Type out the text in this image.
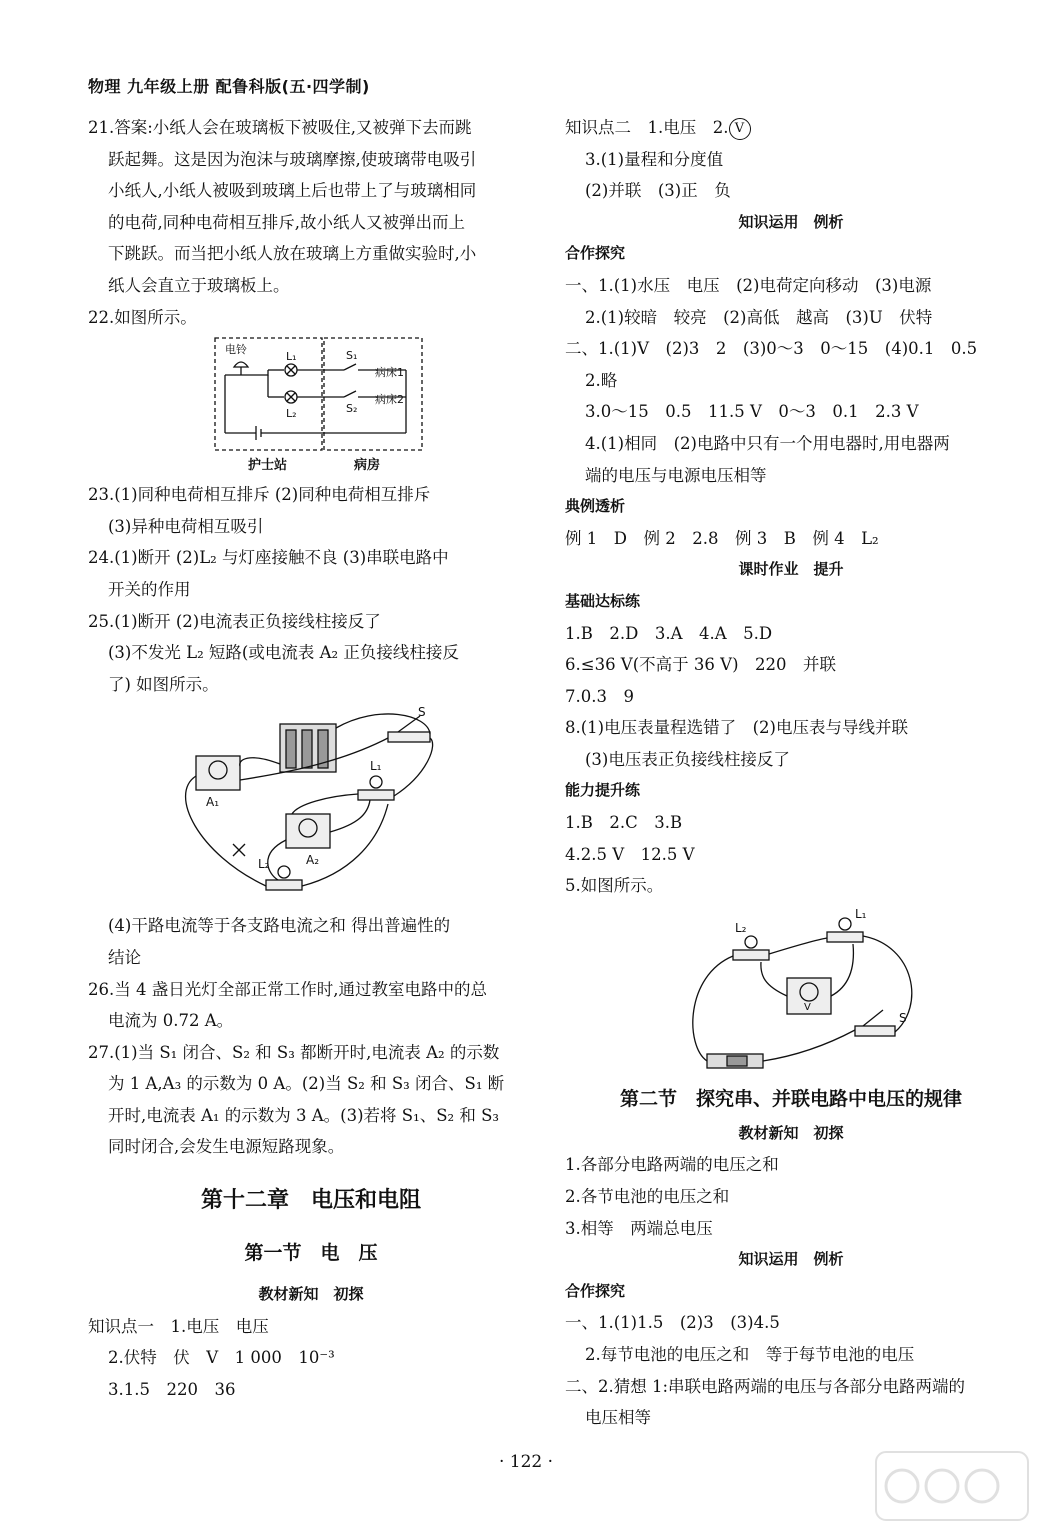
物理 九年级上册 配鲁科版(五·四学制)
21.答案:小纸人会在玻璃板下被吸住,又被弹下去而跳
跃起舞。这是因为泡沫与玻璃摩擦,使玻璃带电吸引
小纸人,小纸人被吸到玻璃上后也带上了与玻璃相同
的电荷,同种电荷相互排斥,故小纸人又被弹出而上
下跳跃。而当把小纸人放在玻璃上方重做实验时,小
纸人会直立于玻璃板上。
22.如图所示。
电铃
L₁
L₂
S₁
S₂
病床1
病床2
护士站	病房
23.(1)同种电荷相互排斥 (2)同种电荷相互排斥
(3)异种电荷相互吸引
24.(1)断开 (2)L₂ 与灯座接触不良 (3)串联电路中
开关的作用
25.(1)断开 (2)电流表正负接线柱接反了
(3)不发光 L₂ 短路(或电流表 A₂ 正负接线柱接反
了) 如图所示。
S
L₁
A₁
A₂
L₂
(4)干路电流等于各支路电流之和 得出普遍性的
结论
26.当 4 盏日光灯全部正常工作时,通过教室电路中的总
电流为 0.72 A。
27.(1)当 S₁ 闭合、S₂ 和 S₃ 都断开时,电流表 A₂ 的示数
为 1 A,A₃ 的示数为 0 A。(2)当 S₂ 和 S₃ 闭合、S₁ 断
开时,电流表 A₁ 的示数为 3 A。(3)若将 S₁、S₂ 和 S₃
同时闭合,会发生电源短路现象。
第十二章　电压和电阻
第一节　电　压
教材新知　初探
知识点一　1.电压　电压
2.伏特　伏　V　1 000　10⁻³
3.1.5　220　36
知识点二　1.电压　2. V
3.(1)量程和分度值
(2)并联　(3)正　负
知识运用　例析
合作探究
一、1.(1)水压　电压　(2)电荷定向移动　(3)电源
2.(1)较暗　较亮　(2)高低　越高　(3)U　伏特
二、1.(1)V　(2)3　2　(3)0～3　0～15　(4)0.1　0.5
2.略
3.0～15　0.5　11.5 V　0～3　0.1　2.3 V
4.(1)相同　(2)电路中只有一个用电器时,用电器两
端的电压与电源电压相等
典例透析
例 1　D　例 2　2.8　例 3　B　例 4　L₂
课时作业　提升
基础达标练
1.B　2.D　3.A　4.A　5.D
6.≤36 V(不高于 36 V)　220　并联
7.0.3　9
8.(1)电压表量程选错了　(2)电压表与导线并联
(3)电压表正负接线柱接反了
能力提升练
1.B　2.C　3.B
4.2.5 V　12.5 V
5.如图所示。
L₂
L₁
V
S
第二节　探究串、并联电路中电压的规律
教材新知　初探
1.各部分电路两端的电压之和
2.各节电池的电压之和
3.相等　两端总电压
知识运用　例析
合作探究
一、1.(1)1.5　(2)3　(3)4.5
2.每节电池的电压之和　等于每节电池的电压
二、2.猜想 1:串联电路两端的电压与各部分电路两端的
电压相等
· 122 ·
